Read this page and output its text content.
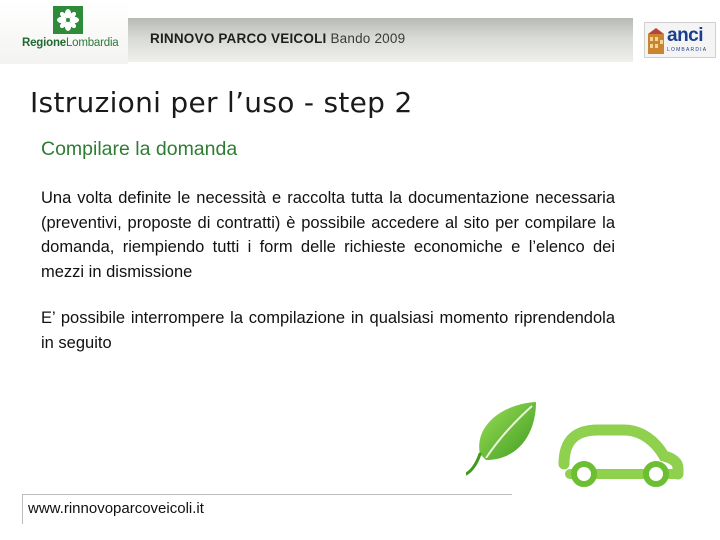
RINNOVO PARCO VEICOLI Bando 2009
RegioneLombardia	anci
LOMBARDIA
Istruzioni per l’uso - step 2
Compilare la domanda
Una volta definite le necessità e raccolta tutta la documentazione necessaria (preventivi, proposte di contratti) è possibile accedere al sito per compilare la domanda, riempiendo tutti i form delle richieste economiche e l’elenco dei mezzi in dismissione
E’ possibile interrompere la compilazione in qualsiasi momento riprendendola in seguito
www.rinnovoparcoveicoli.it
